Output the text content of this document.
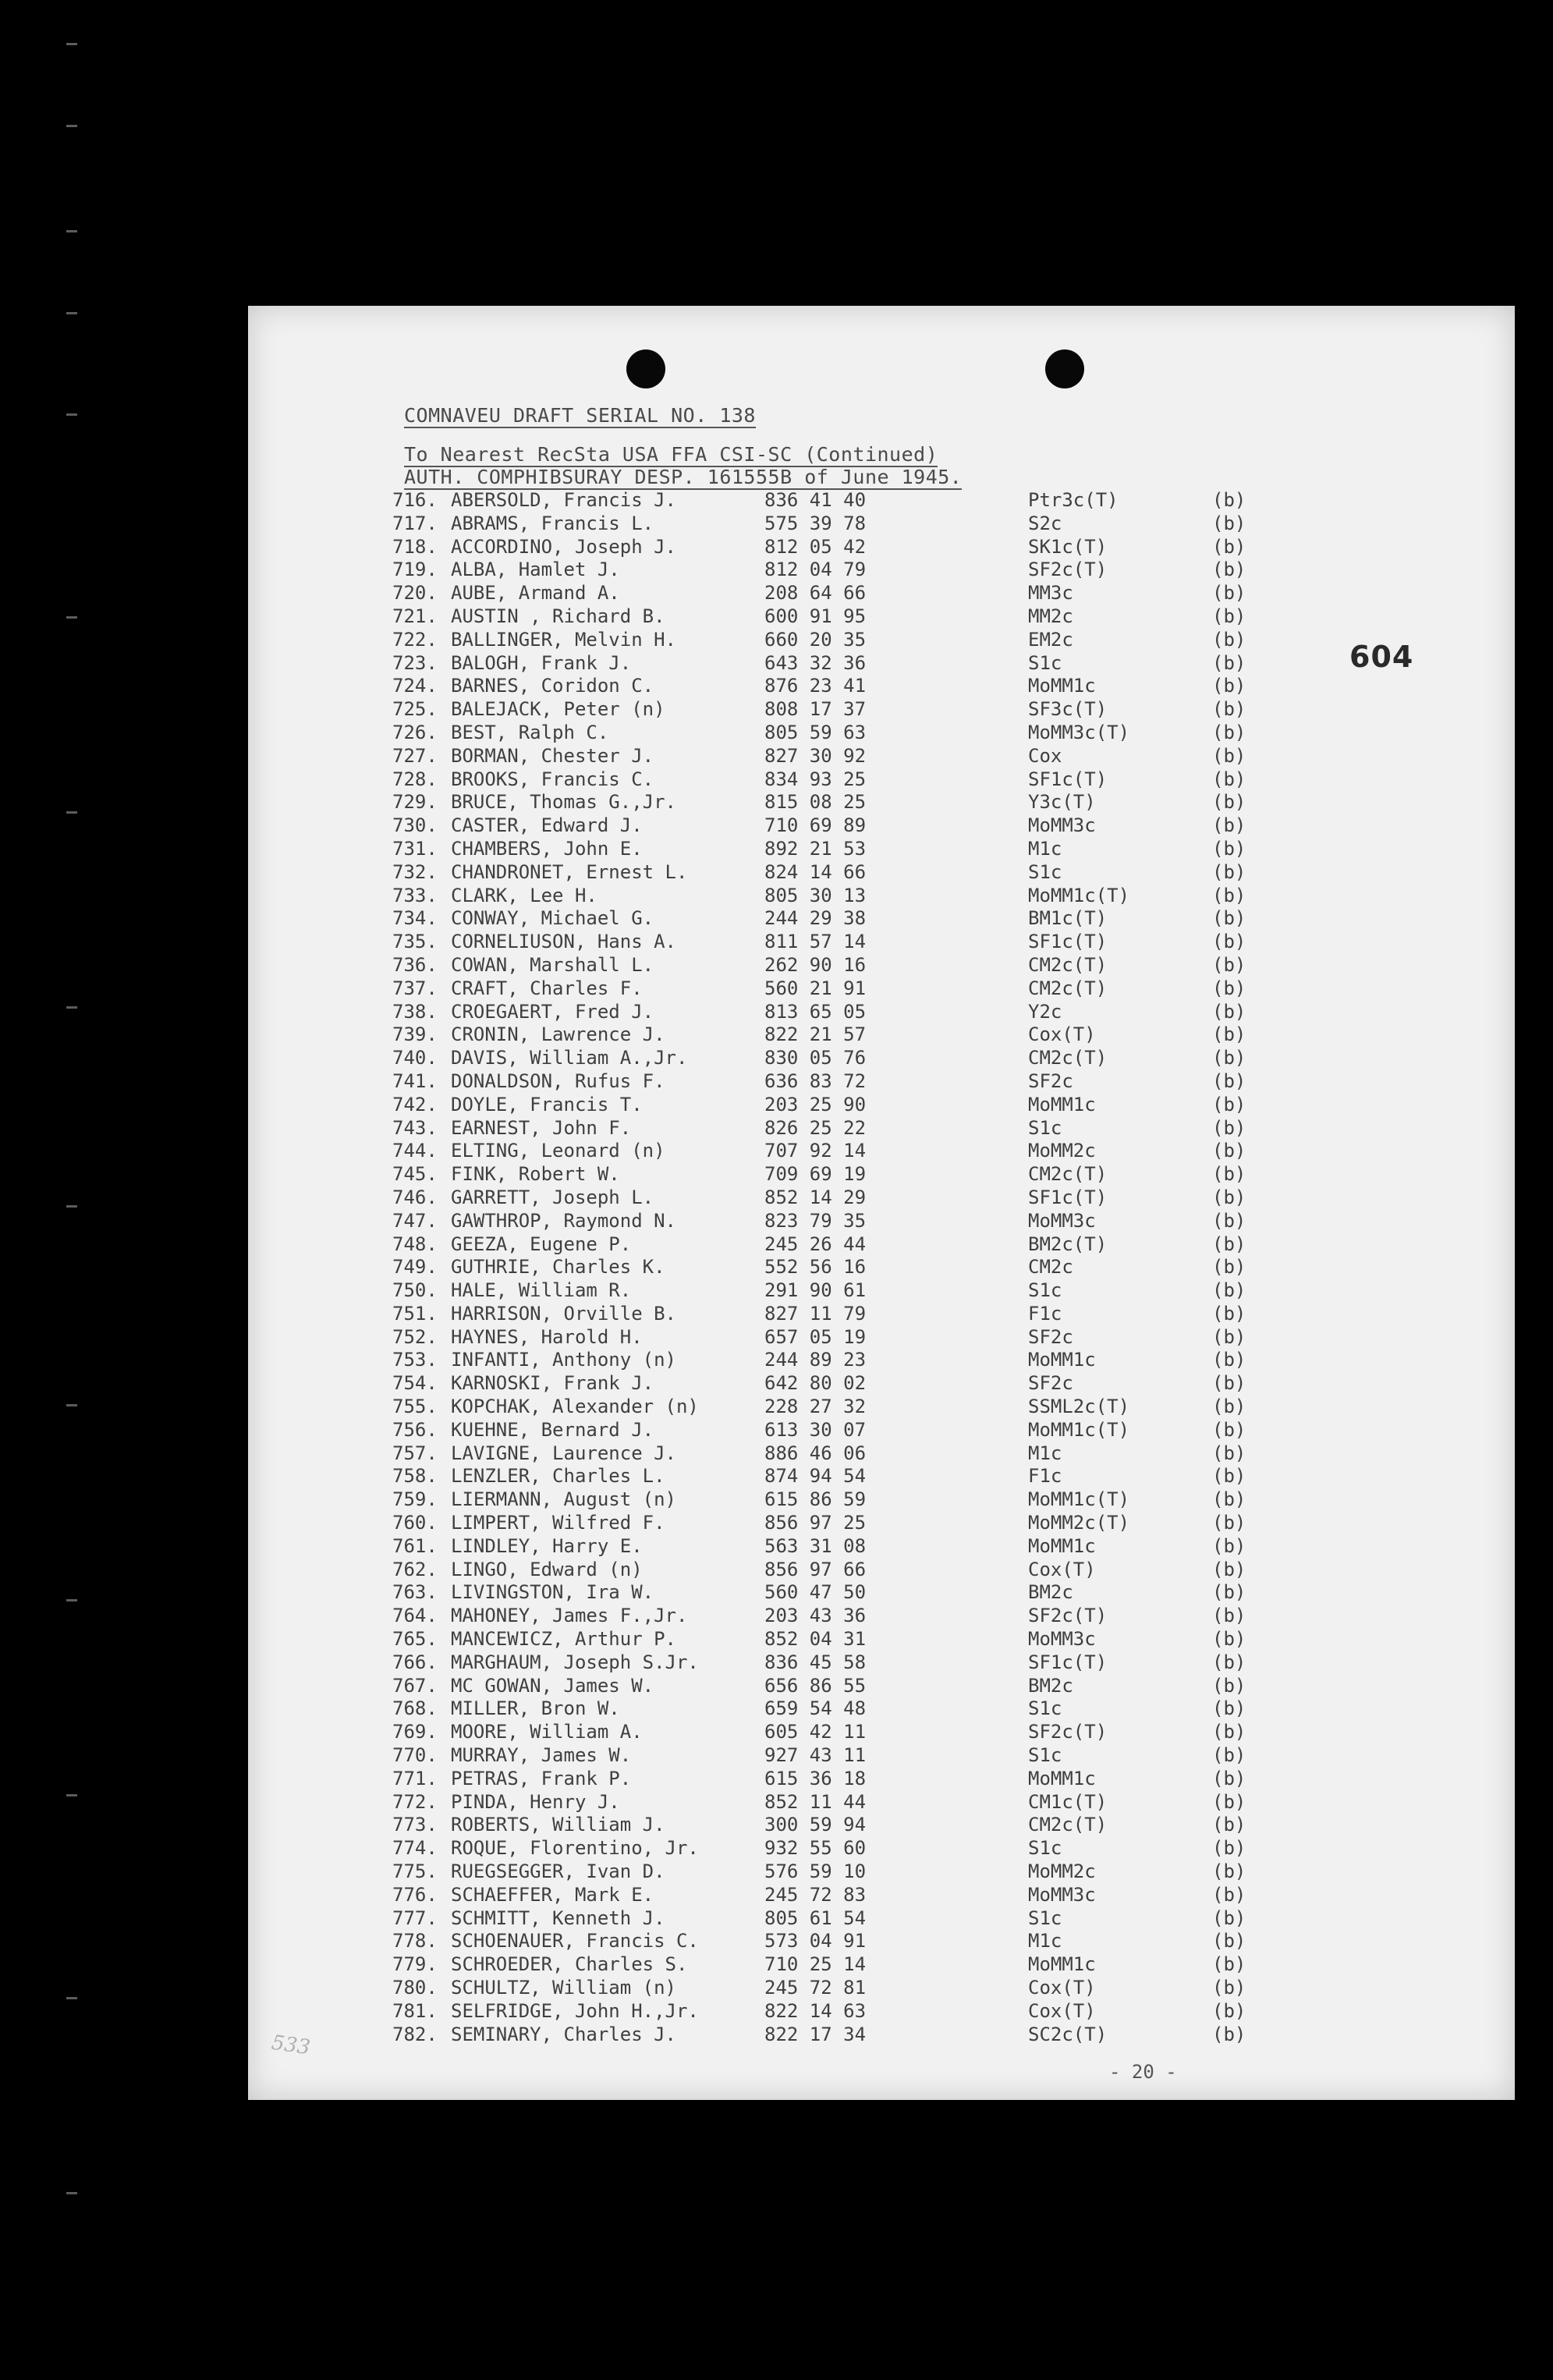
COMNAVEU DRAFT SERIAL NO. 138
To Nearest RecSta USA FFA CSI-SC (Continued)
AUTH. COMPHIBSURAY DESP. 161555B of June 1945.
604
716. ABERSOLD, Francis J.	836 41 40	Ptr3c(T)	(b)
717. ABRAMS, Francis L.	575 39 78	S2c	(b)
718. ACCORDINO, Joseph J.	812 05 42	SK1c(T)	(b)
719. ALBA, Hamlet J.	812 04 79	SF2c(T)	(b)
720. AUBE, Armand A.	208 64 66	MM3c	(b)
721. AUSTIN , Richard B.	600 91 95	MM2c	(b)
722. BALLINGER, Melvin H.	660 20 35	EM2c	(b)
723. BALOGH, Frank J.	643 32 36	S1c	(b)
724. BARNES, Coridon C.	876 23 41	MoMM1c	(b)
725. BALEJACK, Peter (n)	808 17 37	SF3c(T)	(b)
726. BEST, Ralph C.	805 59 63	MoMM3c(T)	(b)
727. BORMAN, Chester J.	827 30 92	Cox	(b)
728. BROOKS, Francis C.	834 93 25	SF1c(T)	(b)
729. BRUCE, Thomas G.,Jr.	815 08 25	Y3c(T)	(b)
730. CASTER, Edward J.	710 69 89	MoMM3c	(b)
731. CHAMBERS, John E.	892 21 53	M1c	(b)
732. CHANDRONET, Ernest L.	824 14 66	S1c	(b)
733. CLARK, Lee H.	805 30 13	MoMM1c(T)	(b)
734. CONWAY, Michael G.	244 29 38	BM1c(T)	(b)
735. CORNELIUSON, Hans A.	811 57 14	SF1c(T)	(b)
736. COWAN, Marshall L.	262 90 16	CM2c(T)	(b)
737. CRAFT, Charles F.	560 21 91	CM2c(T)	(b)
738. CROEGAERT, Fred J.	813 65 05	Y2c	(b)
739. CRONIN, Lawrence J.	822 21 57	Cox(T)	(b)
740. DAVIS, William A.,Jr.	830 05 76	CM2c(T)	(b)
741. DONALDSON, Rufus F.	636 83 72	SF2c	(b)
742. DOYLE, Francis T.	203 25 90	MoMM1c	(b)
743. EARNEST, John F.	826 25 22	S1c	(b)
744. ELTING, Leonard (n)	707 92 14	MoMM2c	(b)
745. FINK, Robert W.	709 69 19	CM2c(T)	(b)
746. GARRETT, Joseph L.	852 14 29	SF1c(T)	(b)
747. GAWTHROP, Raymond N.	823 79 35	MoMM3c	(b)
748. GEEZA, Eugene P.	245 26 44	BM2c(T)	(b)
749. GUTHRIE, Charles K.	552 56 16	CM2c	(b)
750. HALE, William R.	291 90 61	S1c	(b)
751. HARRISON, Orville B.	827 11 79	F1c	(b)
752. HAYNES, Harold H.	657 05 19	SF2c	(b)
753. INFANTI, Anthony (n)	244 89 23	MoMM1c	(b)
754. KARNOSKI, Frank J.	642 80 02	SF2c	(b)
755. KOPCHAK, Alexander (n)	228 27 32	SSML2c(T)	(b)
756. KUEHNE, Bernard J.	613 30 07	MoMM1c(T)	(b)
757. LAVIGNE, Laurence J.	886 46 06	M1c	(b)
758. LENZLER, Charles L.	874 94 54	F1c	(b)
759. LIERMANN, August (n)	615 86 59	MoMM1c(T)	(b)
760. LIMPERT, Wilfred F.	856 97 25	MoMM2c(T)	(b)
761. LINDLEY, Harry E.	563 31 08	MoMM1c	(b)
762. LINGO, Edward (n)	856 97 66	Cox(T)	(b)
763. LIVINGSTON, Ira W.	560 47 50	BM2c	(b)
764. MAHONEY, James F.,Jr.	203 43 36	SF2c(T)	(b)
765. MANCEWICZ, Arthur P.	852 04 31	MoMM3c	(b)
766. MARGHAUM, Joseph S.Jr.	836 45 58	SF1c(T)	(b)
767. MC GOWAN, James W.	656 86 55	BM2c	(b)
768. MILLER, Bron W.	659 54 48	S1c	(b)
769. MOORE, William A.	605 42 11	SF2c(T)	(b)
770. MURRAY, James W.	927 43 11	S1c	(b)
771. PETRAS, Frank P.	615 36 18	MoMM1c	(b)
772. PINDA, Henry J.	852 11 44	CM1c(T)	(b)
773. ROBERTS, William J.	300 59 94	CM2c(T)	(b)
774. ROQUE, Florentino, Jr.	932 55 60	S1c	(b)
775. RUEGSEGGER, Ivan D.	576 59 10	MoMM2c	(b)
776. SCHAEFFER, Mark E.	245 72 83	MoMM3c	(b)
777. SCHMITT, Kenneth J.	805 61 54	S1c	(b)
778. SCHOENAUER, Francis C.	573 04 91	M1c	(b)
779. SCHROEDER, Charles S.	710 25 14	MoMM1c	(b)
780. SCHULTZ, William (n)	245 72 81	Cox(T)	(b)
781. SELFRIDGE, John H.,Jr.	822 14 63	Cox(T)	(b)
782. SEMINARY, Charles J.	822 17 34	SC2c(T)	(b)
- 20 -
533
